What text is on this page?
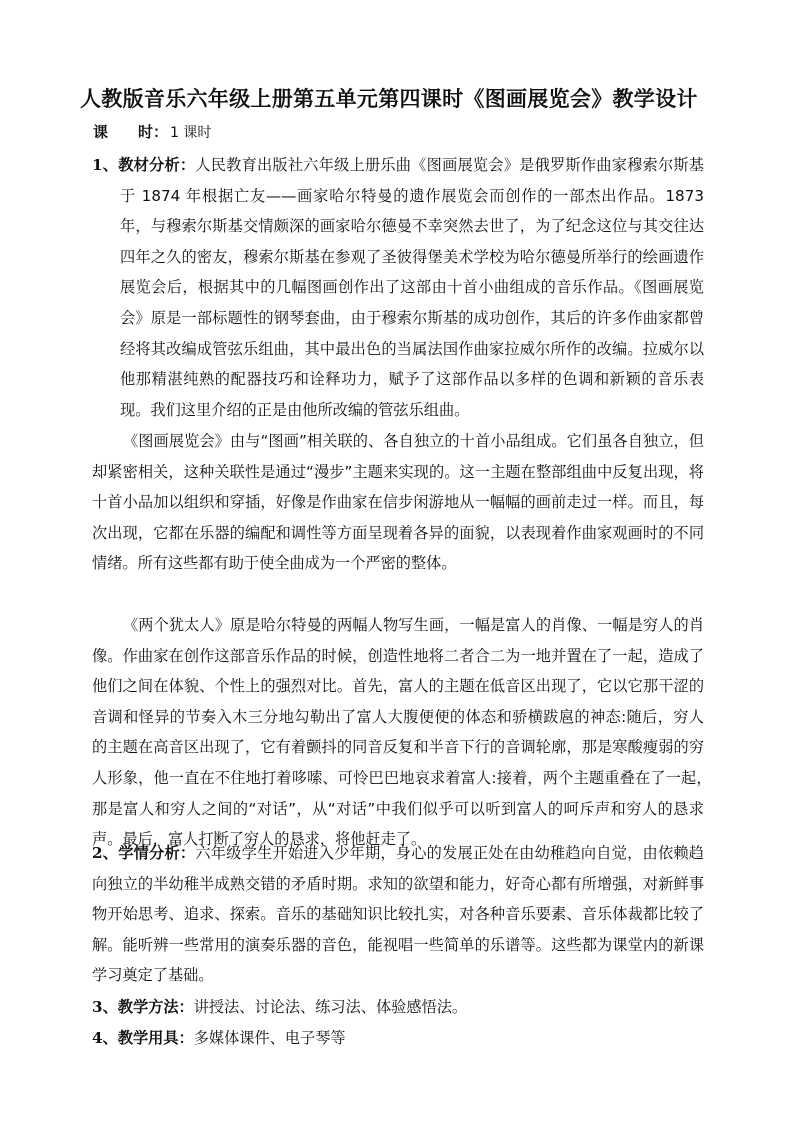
人教版音乐六年级上册第五单元第四课时《图画展览会》教学设计
课　　时： 1 课时

1、教材分析：人民教育出版社六年级上册乐曲《图画展览会》是俄罗斯作曲家穆索尔斯基于 1874 年根据亡友——画家哈尔特曼的遗作展览会而创作的一部杰出作品。1873 年，与穆索尔斯基交情颇深的画家哈尔德曼不幸突然去世了，为了纪念这位与其交往达四年之久的密友，穆索尔斯基在参观了圣彼得堡美术学校为哈尔德曼所举行的绘画遗作展览会后，根据其中的几幅图画创作出了这部由十首小曲组成的音乐作品。《图画展览会》原是一部标题性的钢琴套曲，由于穆索尔斯基的成功创作，其后的许多作曲家都曾经将其改编成管弦乐组曲，其中最出色的当属法国作曲家拉威尔所作的改编。拉威尔以他那精湛纯熟的配器技巧和诠释功力，赋予了这部作品以多样的色调和新颖的音乐表现。我们这里介绍的正是由他所改编的管弦乐组曲。

《图画展览会》由与“图画”相关联的、各自独立的十首小品组成。它们虽各自独立，但却紧密相关，这种关联性是通过“漫步”主题来实现的。这一主题在整部组曲中反复出现，将十首小品加以组织和穿插，好像是作曲家在信步闲游地从一幅幅的画前走过一样。而且，每次出现，它都在乐器的编配和调性等方面呈现着各异的面貌，以表现着作曲家观画时的不同情绪。所有这些都有助于使全曲成为一个严密的整体。

《两个犹太人》原是哈尔特曼的两幅人物写生画，一幅是富人的肖像、一幅是穷人的肖像。作曲家在创作这部音乐作品的时候，创造性地将二者合二为一地并置在了一起，造成了他们之间在体貌、个性上的强烈对比。首先，富人的主题在低音区出现了，它以它那干涩的音调和怪异的节奏入木三分地勾勒出了富人大腹便便的体态和骄横跋扈的神态:随后，穷人的主题在高音区出现了，它有着颤抖的同音反复和半音下行的音调轮廓，那是寒酸瘦弱的穷人形象，他一直在不住地打着哆嗦、可怜巴巴地哀求着富人:接着，两个主题重叠在了一起，　那是富人和穷人之间的“对话”，从“对话”中我们似乎可以听到富人的呵斥声和穷人的恳求声。最后，富人打断了穷人的恳求，将他赶走了。

2、学情分析：六年级学生开始进入少年期，身心的发展正处在由幼稚趋向自觉，由依赖趋向独立的半幼稚半成熟交错的矛盾时期。求知的欲望和能力，好奇心都有所增强，对新鲜事物开始思考、追求、探索。音乐的基础知识比较扎实，对各种音乐要素、音乐体裁都比较了解。能听辨一些常用的演奏乐器的音色，能视唱一些简单的乐谱等。这些都为课堂内的新课学习奠定了基础。

3、教学方法：讲授法、讨论法、练习法、体验感悟法。

4、教学用具：多媒体课件、电子琴等
